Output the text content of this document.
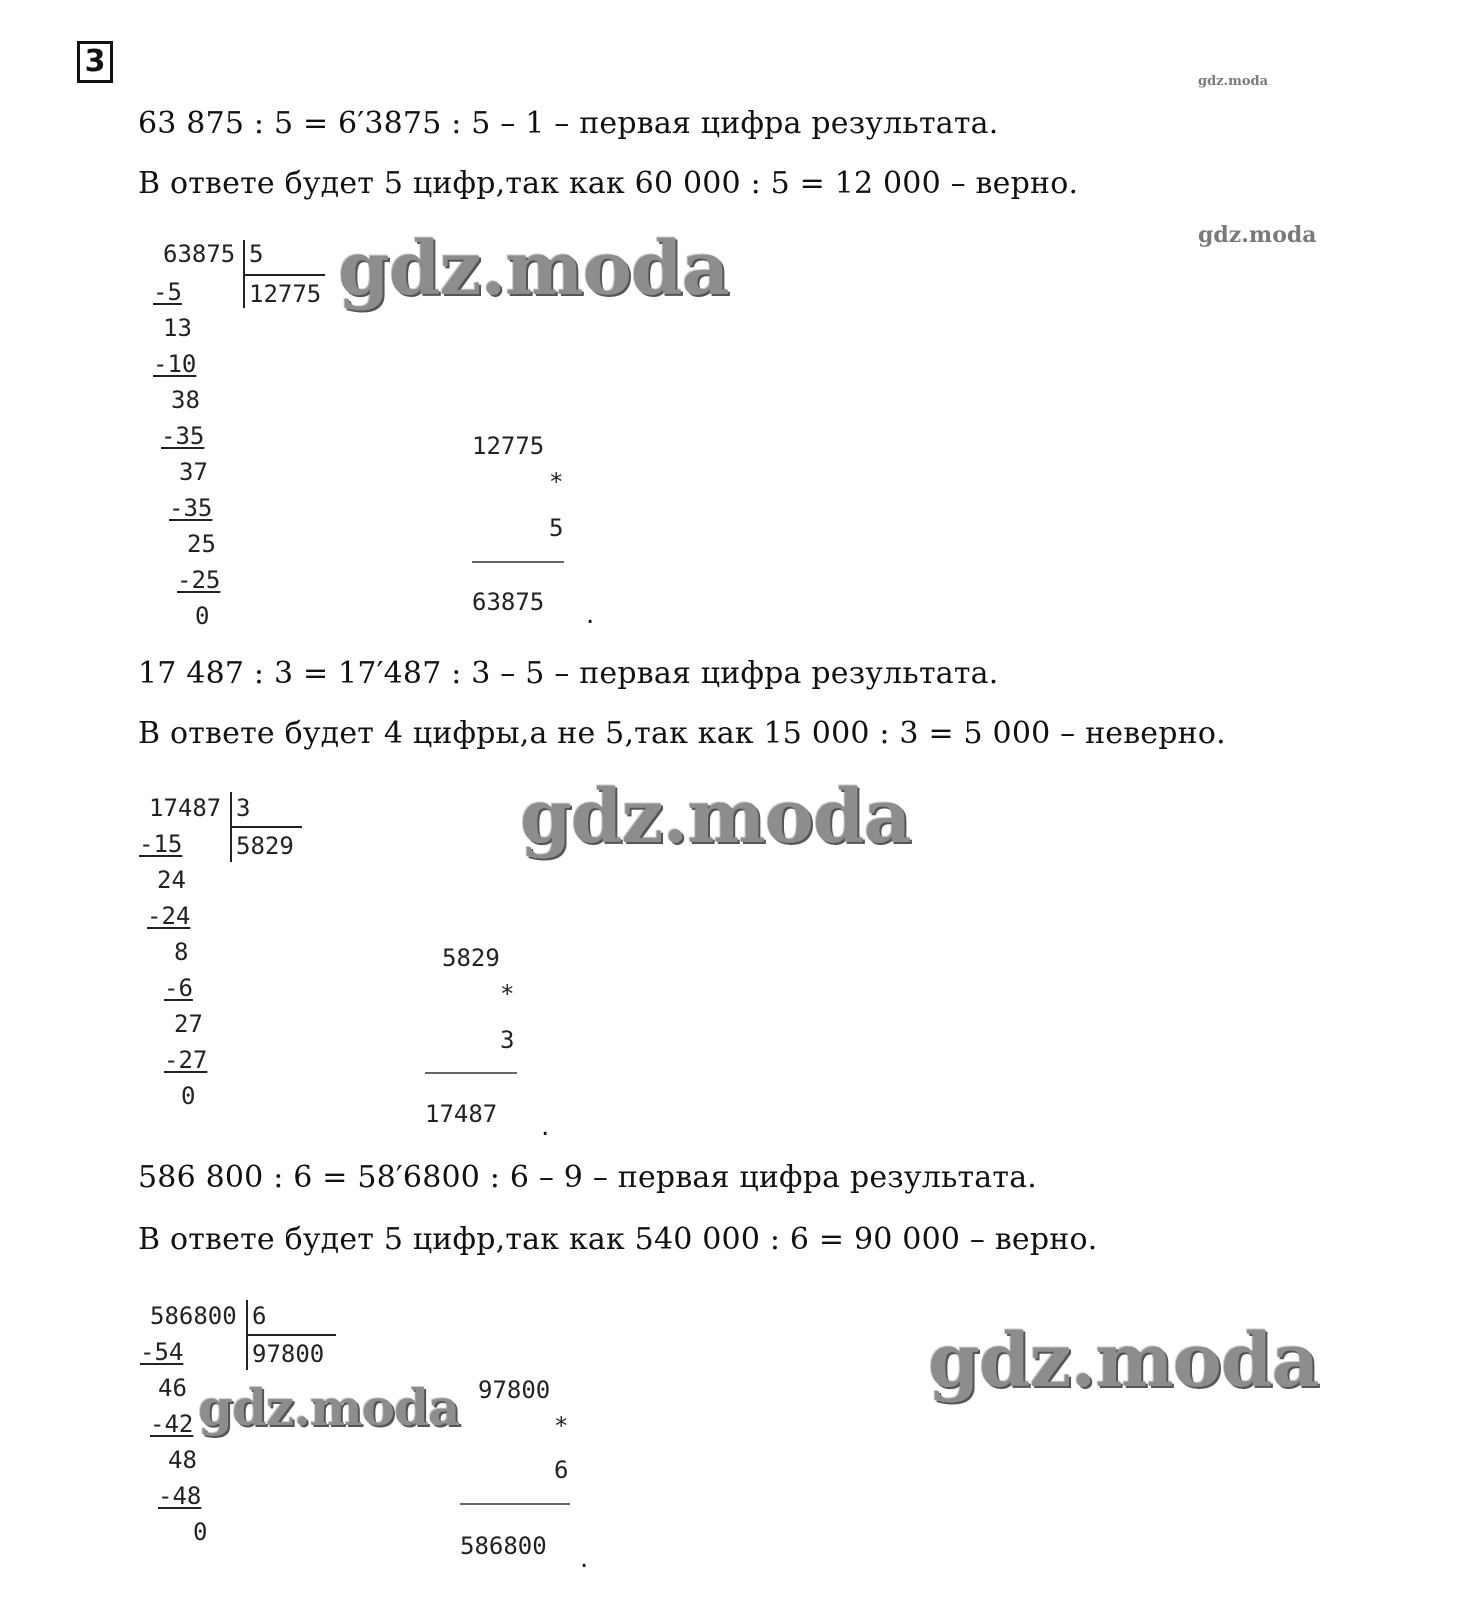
3
gdz.moda
gdz.moda
63 875 : 5 = 6′3875 : 5 – 1 – первая цифра результата.
В ответе будет 5 цифр,так как 60 000 : 5 = 12 000 – верно.
63875 5
12775
-5
13
-10
38
-35
37
-35
25
-25
0
12775
*
5
63875 .
gdz.moda
17 487 : 3 = 17′487 : 3 – 5 – первая цифра результата.
В ответе будет 4 цифры,а не 5,так как 15 000 : 3 = 5 000 – неверно.
17487 3
5829
-15
24
-24
8
-6
27
-27
0
5829
*
3
17487 .
gdz.moda
586 800 : 6 = 58′6800 : 6 – 9 – первая цифра результата.
В ответе будет 5 цифр,так как 540 000 : 6 = 90 000 – верно.
586800 6
97800
-54
46
-42
48
-48
0
97800
*
6
586800 .
gdz.moda
gdz.moda
